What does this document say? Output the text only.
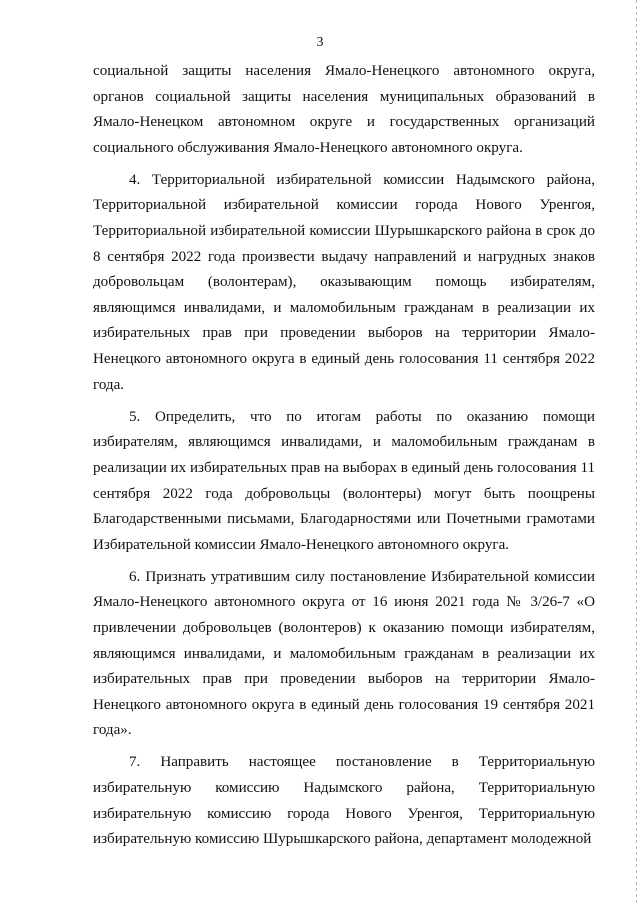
3

социальной защиты населения Ямало-Ненецкого автономного округа, органов социальной защиты населения муниципальных образований в Ямало-Ненецком автономном округе и государственных организаций социального обслуживания Ямало-Ненецкого автономного округа.

4. Территориальной избирательной комиссии Надымского района, Территориальной избирательной комиссии города Нового Уренгоя, Территориальной избирательной комиссии Шурышкарского района в срок до 8 сентября 2022 года произвести выдачу направлений и нагрудных знаков добровольцам (волонтерам), оказывающим помощь избирателям, являющимся инвалидами, и маломобильным гражданам в реализации их избирательных прав при проведении выборов на территории Ямало-Ненецкого автономного округа в единый день голосования 11 сентября 2022 года.

5. Определить, что по итогам работы по оказанию помощи избирателям, являющимся инвалидами, и маломобильным гражданам в реализации их избирательных прав на выборах в единый день голосования 11 сентября 2022 года добровольцы (волонтеры) могут быть поощрены Благодарственными письмами, Благодарностями или Почетными грамотами Избирательной комиссии Ямало-Ненецкого автономного округа.

6. Признать утратившим силу постановление Избирательной комиссии Ямало-Ненецкого автономного округа от 16 июня 2021 года № 3/26-7 «О привлечении добровольцев (волонтеров) к оказанию помощи избирателям, являющимся инвалидами, и маломобильным гражданам в реализации их избирательных прав при проведении выборов на территории Ямало-Ненецкого автономного округа в единый день голосования 19 сентября 2021 года».

7. Направить настоящее постановление в Территориальную избирательную комиссию Надымского района, Территориальную избирательную комиссию города Нового Уренгоя, Территориальную избирательную комиссию Шурышкарского района, департамент молодежной
